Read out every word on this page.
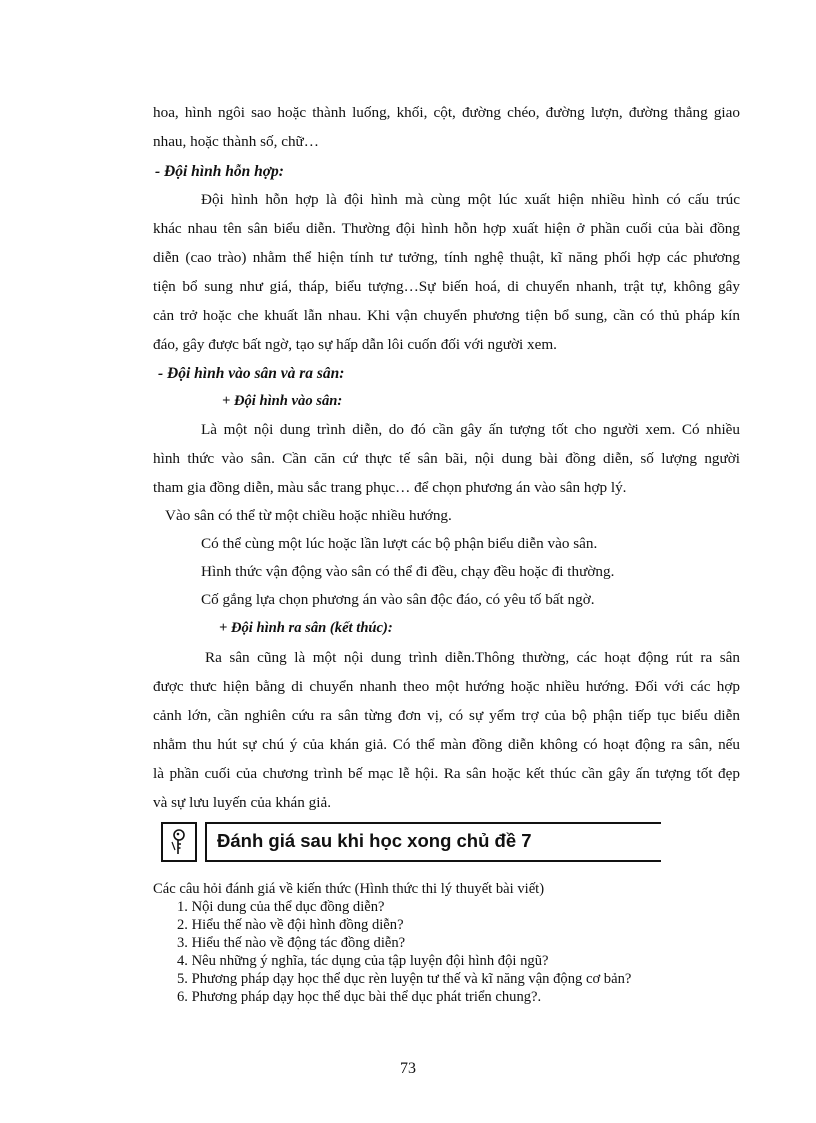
hoa, hình ngôi sao hoặc thành luống, khối, cột, đường chéo, đường lượn, đường thẳng giao
nhau, hoặc thành số, chữ…
- Đội hình hỗn hợp:
Đội hình hỗn hợp là đội hình mà cùng một lúc xuất hiện nhiều hình có cấu trúc
khác nhau tên sân biểu diễn. Thường đội hình hỗn hợp xuất hiện ở phần cuối của bài đồng
diễn (cao trào) nhằm thể hiện tính tư tưởng, tính nghệ thuật, kĩ năng phối hợp các phương
tiện bổ sung như giá, tháp, biểu tượng…Sự biến hoá, di chuyển nhanh, trật tự, không gây
cản trở hoặc che khuất lẫn nhau. Khi vận chuyển phương tiện bổ sung, cần có thủ pháp kín
đáo, gây được bất ngờ, tạo sự hấp dẫn lôi cuốn đối với người xem.
- Đội hình vào sân và ra sân:
+ Đội hình vào sân:
Là một nội dung trình diễn, do đó cần gây ấn tượng tốt cho người xem. Có nhiều
hình thức vào sân. Cần căn cứ thực tế sân bãi, nội dung bài đồng diễn, số lượng người
tham gia đồng diễn, màu sắc trang phục… để chọn phương án vào sân hợp lý.
Vào sân có thể từ một chiều hoặc nhiều hướng.
Có thể cùng một lúc hoặc lần lượt các bộ phận biểu diễn vào sân.
Hình thức vận động vào sân có thể đi đều, chạy đều hoặc đi thường.
Cố gắng lựa chọn phương án vào sân độc đáo, có yêu tố bất ngờ.
+ Đội hình ra sân (kết thúc):
Ra sân cũng là một nội dung trình diễn.Thông thường, các hoạt động rút ra sân
được thưc hiện bằng di chuyển nhanh theo một hướng hoặc nhiều hướng. Đối với các hợp
cảnh lớn, cần nghiên cứu ra sân từng đơn vị, có sự yểm trợ của bộ phận tiếp tục biểu diễn
nhằm thu hút sự chú ý của khán giả. Có thể màn đồng diễn không có hoạt động ra sân, nếu
là phần cuối của chương trình bế mạc lễ hội. Ra sân hoặc kết thúc cần gây ấn tượng tốt đẹp
và sự lưu luyến của khán giả.
Đánh giá sau khi học xong chủ đề 7
Các câu hỏi đánh giá về kiến thức (Hình thức thi lý thuyết bài viết)
1. Nội dung của thể dục đồng diễn?
2. Hiểu thế nào về đội hình đồng diễn?
3. Hiểu thế nào về động tác đồng diễn?
4. Nêu những ý nghĩa, tác dụng của tập luyện đội hình đội ngũ?
5. Phương pháp dạy học thể dục rèn luyện tư thế và kĩ năng vận động cơ bản?
6. Phương pháp dạy học thể dục bài thể dục phát triển chung?.
73
